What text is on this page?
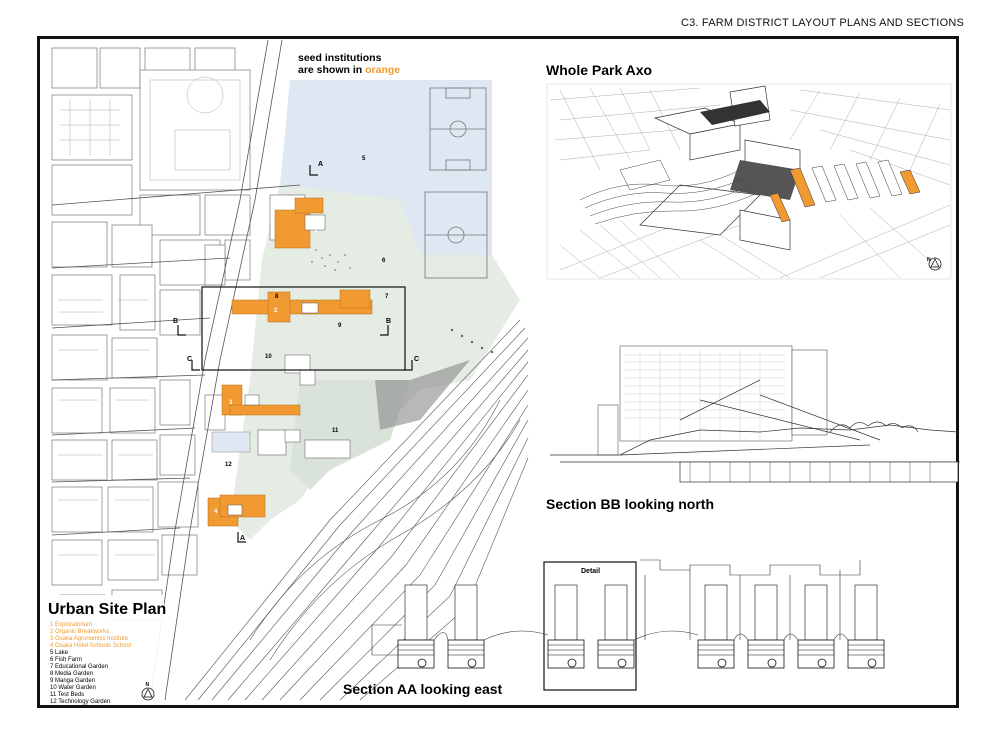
C3. FARM DISTRICT LAYOUT PLANS AND SECTIONS
A
A
B	B
C	C
1
2
3
4
5
6
7
8
9
10
11
12
seed institutions
are shown in orange
Urban Site Plan
1 Exploratorium
2 Organic Breakworks
3 Osaka Agronomics Institute
4 Osaka Hotel Schools School
5 Lake
6 Fish Farm
7 Educational Garden
8 Media Garden
9 Manga Garden
10 Water Garden
11 Test Beds
12 Technology Garden
N
Whole Park Axo
N
Section BB looking north
Detail
Section AA looking east
